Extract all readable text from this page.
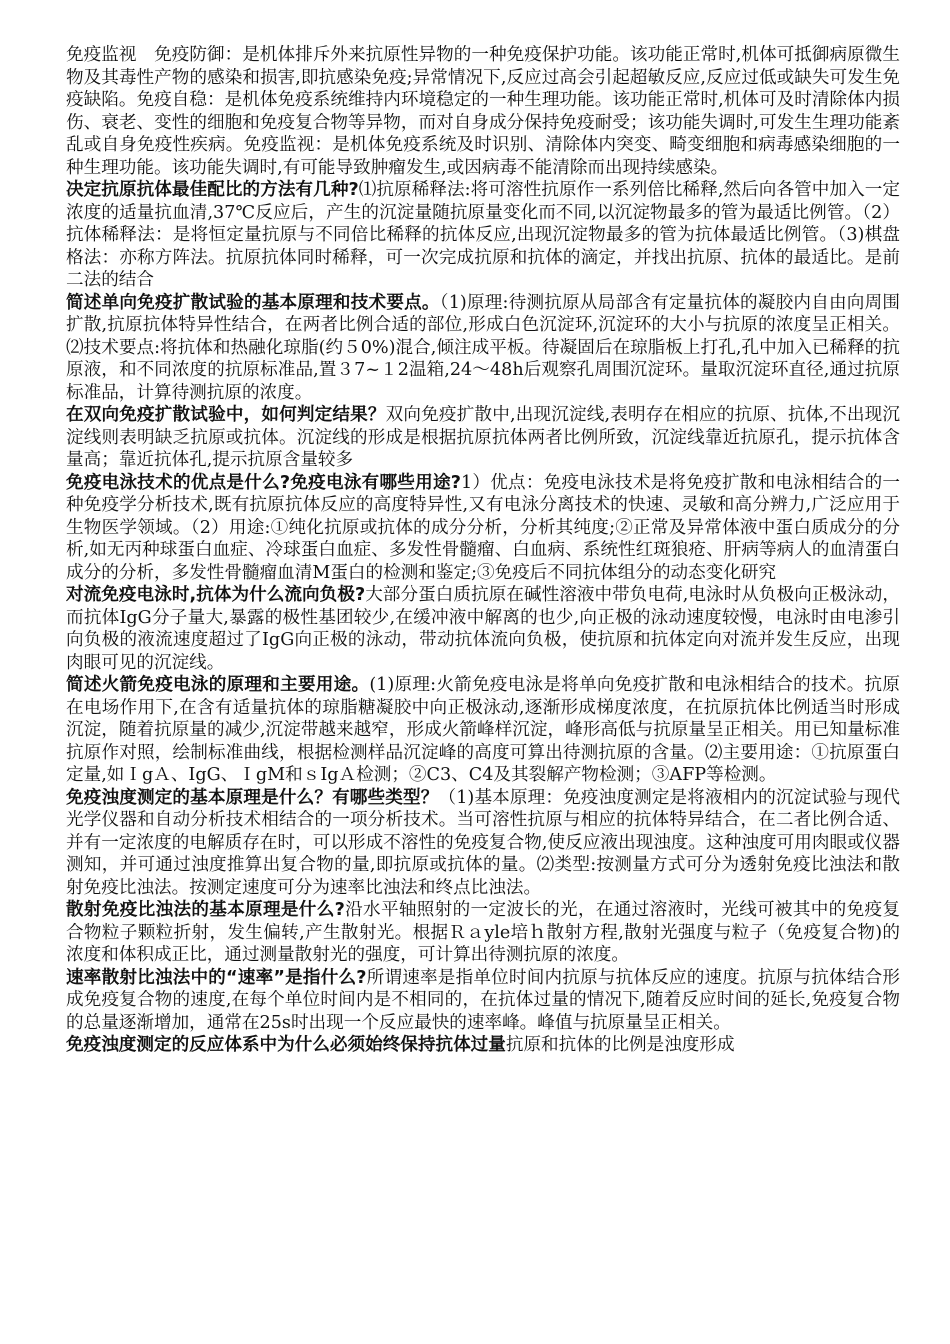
免疫监视　免疫防御：是机体排斥外来抗原性异物的一种免疫保护功能。该功能正常时,机体可抵御病原微生物及其毒性产物的感染和损害,即抗感染免疫;异常情况下,反应过高会引起超敏反应,反应过低或缺失可发生免疫缺陷。免疫自稳：是机体免疫系统维持内环境稳定的一种生理功能。该功能正常时,机体可及时清除体内损伤、衰老、变性的细胞和免疫复合物等异物，而对自身成分保持免疫耐受；该功能失调时,可发生生理功能紊乱或自身免疫性疾病。免疫监视：是机体免疫系统及时识别、清除体内突变、畸变细胞和病毒感染细胞的一种生理功能。该功能失调时,有可能导致肿瘤发生,或因病毒不能清除而出现持续感染。

决定抗原抗体最佳配比的方法有几种?⑴抗原稀释法:将可溶性抗原作一系列倍比稀释,然后向各管中加入一定浓度的适量抗血清,37℃反应后，产生的沉淀量随抗原量变化而不同,以沉淀物最多的管为最适比例管。（2）抗体稀释法：是将恒定量抗原与不同倍比稀释的抗体反应,出现沉淀物最多的管为抗体最适比例管。（3)棋盘格法：亦称方阵法。抗原抗体同时稀释，可一次完成抗原和抗体的滴定，并找出抗原、抗体的最适比。是前二法的结合

简述单向免疫扩散试验的基本原理和技术要点。（1)原理:待测抗原从局部含有定量抗体的凝胶内自由向周围扩散,抗原抗体特异性结合，在两者比例合适的部位,形成白色沉淀环,沉淀环的大小与抗原的浓度呈正相关。⑵技术要点:将抗体和热融化琼脂(约５0%)混合,倾注成平板。待凝固后在琼脂板上打孔,孔中加入已稀释的抗原液，和不同浓度的抗原标准品,置３7~１2温箱,24～48h后观察孔周围沉淀环。量取沉淀环直径,通过抗原标准品，计算待测抗原的浓度。

在双向免疫扩散试验中，如何判定结果？双向免疫扩散中,出现沉淀线,表明存在相应的抗原、抗体,不出现沉淀线则表明缺乏抗原或抗体。沉淀线的形成是根据抗原抗体两者比例所致，沉淀线靠近抗原孔，提示抗体含量高；靠近抗体孔,提示抗原含量较多

免疫电泳技术的优点是什么?免疫电泳有哪些用途?1）优点：免疫电泳技术是将免疫扩散和电泳相结合的一种免疫学分析技术,既有抗原抗体反应的高度特异性,又有电泳分离技术的快速、灵敏和高分辨力,广泛应用于生物医学领域。（2）用途:①纯化抗原或抗体的成分分析，分析其纯度;②正常及异常体液中蛋白质成分的分析,如无丙种球蛋白血症、冷球蛋白血症、多发性骨髓瘤、白血病、系统性红斑狼疮、肝病等病人的血清蛋白成分的分析，多发性骨髓瘤血清M蛋白的检测和鉴定;③免疫后不同抗体组分的动态变化研究

对流免疫电泳时,抗体为什么流向负极?大部分蛋白质抗原在碱性溶液中带负电荷,电泳时从负极向正极泳动，而抗体IgG分子量大,暴露的极性基团较少,在缓冲液中解离的也少,向正极的泳动速度较慢，电泳时由电渗引向负极的液流速度超过了IgG向正极的泳动，带动抗体流向负极，使抗原和抗体定向对流并发生反应，出现肉眼可见的沉淀线。

简述火箭免疫电泳的原理和主要用途。(1)原理:火箭免疫电泳是将单向免疫扩散和电泳相结合的技术。抗原在电场作用下,在含有适量抗体的琼脂糖凝胶中向正极泳动,逐渐形成梯度浓度，在抗原抗体比例适当时形成沉淀，随着抗原量的减少,沉淀带越来越窄，形成火箭峰样沉淀，峰形高低与抗原量呈正相关。用已知量标准抗原作对照，绘制标准曲线，根据检测样品沉淀峰的高度可算出待测抗原的含量。⑵主要用途：①抗原蛋白定量,如ＩgＡ、IgG、ＩgM和ｓIgＡ检测；②C3、C4及其裂解产物检测；③AFP等检测。

免疫浊度测定的基本原理是什么？有哪些类型？（1)基本原理：免疫浊度测定是将液相内的沉淀试验与现代光学仪器和自动分析技术相结合的一项分析技术。当可溶性抗原与相应的抗体特异结合，在二者比例合适、并有一定浓度的电解质存在时，可以形成不溶性的免疫复合物,使反应液出现浊度。这种浊度可用肉眼或仪器测知，并可通过浊度推算出复合物的量,即抗原或抗体的量。⑵类型:按测量方式可分为透射免疫比浊法和散射免疫比浊法。按测定速度可分为速率比浊法和终点比浊法。

散射免疫比浊法的基本原理是什么?沿水平轴照射的一定波长的光，在通过溶液时，光线可被其中的免疫复合物粒子颗粒折射，发生偏转,产生散射光。根据Ｒａyle培ｈ散射方程,散射光强度与粒子（免疫复合物)的浓度和体积成正比，通过测量散射光的强度，可计算出待测抗原的浓度。

速率散射比浊法中的“速率”是指什么?所谓速率是指单位时间内抗原与抗体反应的速度。抗原与抗体结合形成免疫复合物的速度,在每个单位时间内是不相同的，在抗体过量的情况下,随着反应时间的延长,免疫复合物的总量逐渐增加，通常在25s时出现一个反应最快的速率峰。峰值与抗原量呈正相关。

免疫浊度测定的反应体系中为什么必须始终保持抗体过量抗原和抗体的比例是浊度形成
